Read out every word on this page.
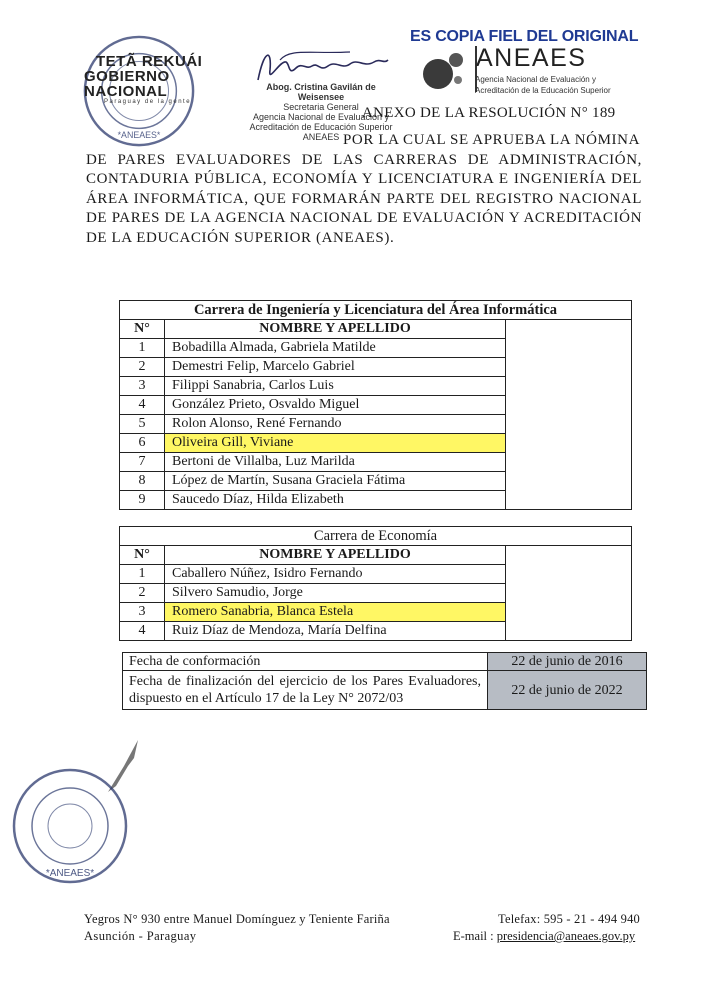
*ANEAES*
TETÃ REKUÁI
GOBIERNO NACIONAL
Paraguay de la gente
Abog. Cristina Gavilán de Weisensee
Secretaria General
Agencia Nacional de Evaluación y
Acreditación de Educación Superior ANEAES
ES COPIA FIEL DEL ORIGINAL
ANEAES
Agencia Nacional de Evaluación y
Acreditación de la Educación Superior
ANEXO DE LA RESOLUCIÓN N° 189
POR LA CUAL SE APRUEBA LA NÓMINA
DE PARES EVALUADORES DE LAS CARRERAS DE ADMINISTRACIÓN, CONTADURIA PÚBLICA, ECONOMÍA Y LICENCIATURA E INGENIERÍA DEL ÁREA INFORMÁTICA, QUE FORMARÁN PARTE DEL REGISTRO NACIONAL DE PARES DE LA AGENCIA NACIONAL DE EVALUACIÓN Y ACREDITACIÓN DE LA EDUCACIÓN SUPERIOR (ANEAES).
Carrera de Ingeniería y Licenciatura del Área Informática		
N°	NOMBRE Y APELLIDO	
1	Bobadilla Almada, Gabriela Matilde	
2	Demestri Felip, Marcelo Gabriel	
3	Filippi Sanabria, Carlos Luis	
4	González Prieto, Osvaldo Miguel	
5	Rolon Alonso, René Fernando	
6	Oliveira Gill, Viviane	
7	Bertoni de Villalba, Luz Marilda	
8	López de Martín, Susana Graciela Fátima	
9	Saucedo Díaz, Hilda Elizabeth	
Carrera de Economía		
N°	NOMBRE Y APELLIDO	
1	Caballero Núñez, Isidro Fernando	
2	Silvero Samudio, Jorge	
3	Romero Sanabria, Blanca Estela	
4	Ruiz Díaz de Mendoza, María Delfina	
Fecha de conformación	22 de junio de 2016
Fecha de finalización del ejercicio de los Pares Evaluadores, dispuesto en el Artículo 17 de la Ley N° 2072/03	22 de junio de 2022
*ANEAES*
Yegros N° 930 entre Manuel Domínguez y Teniente Fariña
Asunción - Paraguay
Telefax: 595 - 21 - 494 940
E-mail : presidencia@aneaes.gov.py
